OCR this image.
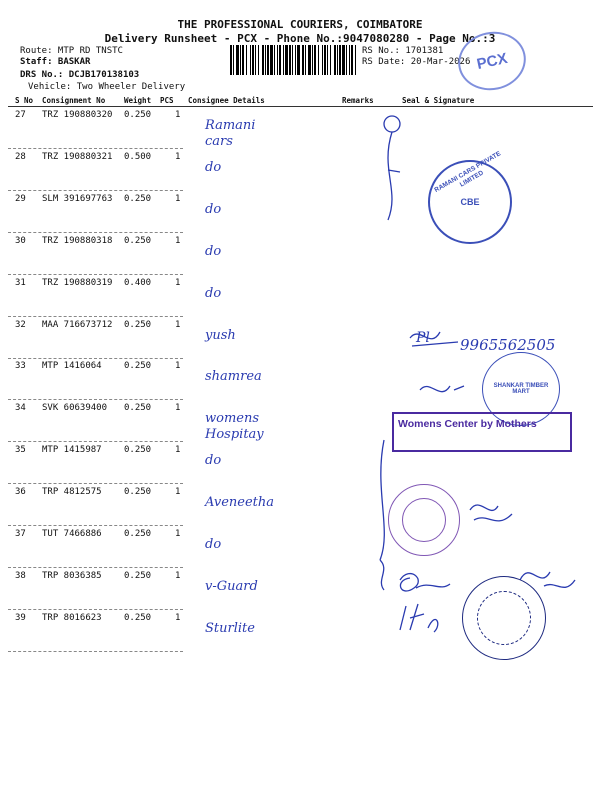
THE PROFESSIONAL COURIERS, COIMBATORE
Delivery Runsheet - PCX - Phone No.:9047080280 - Page No.:3
Route: MTP RD TNSTC
Staff: BASKAR
DRS No.: DCJB170138103
Vehicle: Two Wheeler Delivery
RS No.: 1701381
RS Date: 20-Mar-2026 PCX
S No Consignment No	Weight PCS Consignee Details	Remarks	Seal & Signature
27 TRZ 190880320 0.250	1
Ramani
cars
28 TRZ 190880321 0.500	1
do
29 SLM 391697763 0.250	1
do
30 TRZ 190880318 0.250	1
do
31 TRZ 190880319 0.400	1
do
32 MAA 716673712 0.250	1
yush
33 MTP 1416064 0.250	1
shamrea
34 SVK 60639400 0.250	1
womens
Hospitay
35 MTP 1415987 0.250	1
do
36 TRP 4812575 0.250	1
Aveneetha
37 TUT 7466886 0.250	1
do
38 TRP 8036385 0.250	1
v-Guard
39 TRP 8016623 0.250	1
Sturlite
9965562505
Pl
RAMANI CARS PRIVATE LIMITED
CBE
SHANKAR TIMBER MART
Womens Center by Mothers
